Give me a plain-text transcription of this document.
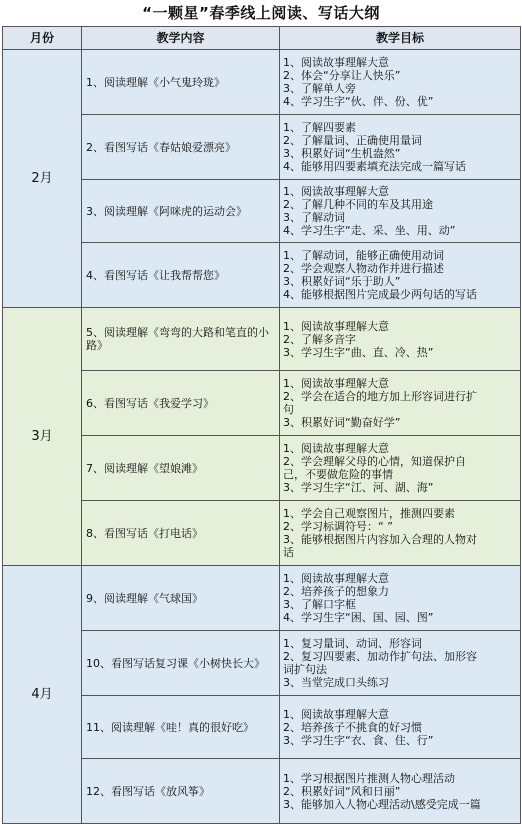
“一颗星”春季线上阅读、写话大纲
月份	教学内容	教学目标
2月	1、阅读理解《小气鬼玲珑》	1、阅读故事理解大意
2、体会“分享让人快乐”
3、了解单人旁
4、学习生字“伙、伴、份、优”

	2、看图写话《春姑娘爱漂亮》	1、了解四要素
2、了解量词、正确使用量词
3、积累好词“生机盎然”
4、能够用四要素填充法完成一篇写话

	3、阅读理解《阿咪虎的运动会》	1、阅读故事理解大意
2、了解几种不同的车及其用途
3、了解动词
4、学习生字“走、采、坐、用、动”

	4、看图写话《让我帮帮您》	1、了解动词，能够正确使用动词
2、学会观察人物动作并进行描述
3、积累好词“乐于助人”
4、能够根据图片完成最少两句话的写话

3月	5、阅读理解《弯弯的大路和笔直的小路》	1、阅读故事理解大意
2、了解多音字
3、学习生字“曲、直、冷、热”

	6、看图写话《我爱学习》	1、阅读故事理解大意
2、学会在适合的地方加上形容词进行扩
句
3、积累好词“勤奋好学”

	7、阅读理解《望娘滩》	1、阅读故事理解大意
2、学会理解父母的心情，知道保护自
己，不要做危险的事情
3、学习生字“江、河、湖、海”

	8、看图写话《打电话》	1、学会自己观察图片，推测四要素
2、学习标调符号：“ ”
3、能够根据图片内容加入合理的人物对
话

4月	9、阅读理解《气球国》	1、阅读故事理解大意
2、培养孩子的想象力
3、了解口字框
4、学习生字“困、国、园、图”

	10、看图写话复习课《小树快长大》	1、复习量词、动词、形容词
2、复习四要素、加动作扩句法、加形容
词扩句法
3、当堂完成口头练习

	11、阅读理解《哇！真的很好吃》	1、阅读故事理解大意
2、培养孩子不挑食的好习惯
3、学习生字“衣、食、住、行”

	12、看图写话《放风筝》	1、学习根据图片推测人物心理活动
2、积累好词“风和日丽”
3、能够加入人物心理活动\感受完成一篇
